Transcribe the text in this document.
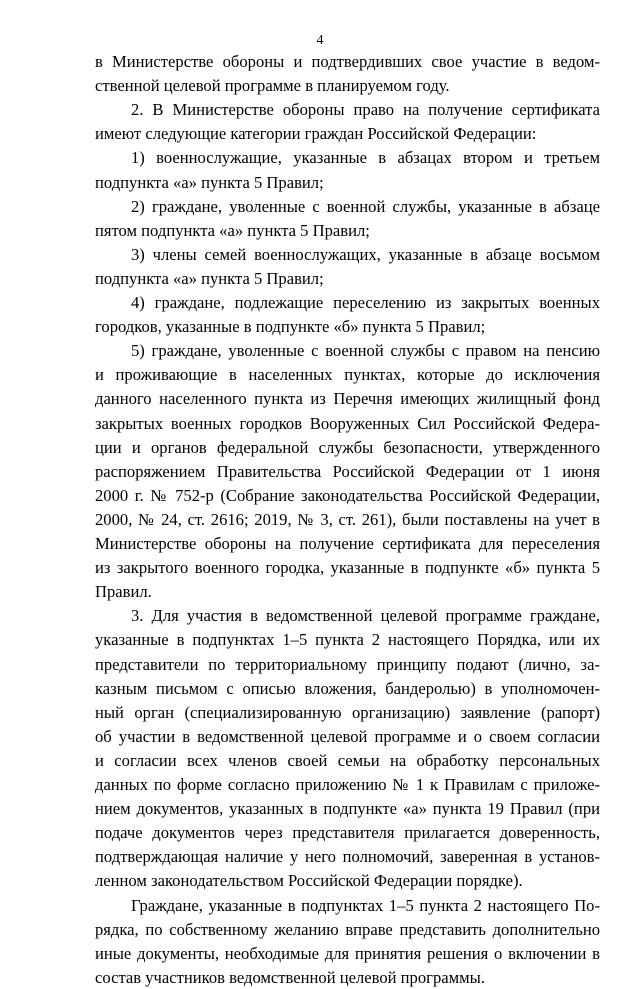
4
в Министерстве обороны и подтвердивших свое участие в ведом-
ственной целевой программе в планируемом году.
2. В Министерстве обороны право на получение сертификата
имеют следующие категории граждан Российской Федерации:
1) военнослужащие, указанные в абзацах втором и третьем
подпункта «а» пункта 5 Правил;
2) граждане, уволенные с военной службы, указанные в абзаце
пятом подпункта «а» пункта 5 Правил;
3) члены семей военнослужащих, указанные в абзаце восьмом
подпункта «а» пункта 5 Правил;
4) граждане, подлежащие переселению из закрытых военных
городков, указанные в подпункте «б» пункта 5 Правил;
5) граждане, уволенные с военной службы с правом на пенсию
и проживающие в населенных пунктах, которые до исключения
данного населенного пункта из Перечня имеющих жилищный фонд
закрытых военных городков Вооруженных Сил Российской Федера-
ции и органов федеральной службы безопасности, утвержденного
распоряжением Правительства Российской Федерации от 1 июня
2000 г. № 752-р (Собрание законодательства Российской Федерации,
2000, № 24, ст. 2616; 2019, № 3, ст. 261), были поставлены на учет в
Министерстве обороны на получение сертификата для переселения
из закрытого военного городка, указанные в подпункте «б» пункта 5
Правил.
3. Для участия в ведомственной целевой программе граждане,
указанные в подпунктах 1–5 пункта 2 настоящего Порядка, или их
представители по территориальному принципу подают (лично, за-
казным письмом с описью вложения, бандеролью) в уполномочен-
ный орган (специализированную организацию) заявление (рапорт)
об участии в ведомственной целевой программе и о своем согласии
и согласии всех членов своей семьи на обработку персональных
данных по форме согласно приложению № 1 к Правилам с приложе-
нием документов, указанных в подпункте «а» пункта 19 Правил (при
подаче документов через представителя прилагается доверенность,
подтверждающая наличие у него полномочий, заверенная в установ-
ленном законодательством Российской Федерации порядке).
Граждане, указанные в подпунктах 1–5 пункта 2 настоящего По-
рядка, по собственному желанию вправе представить дополнительно
иные документы, необходимые для принятия решения о включении в
состав участников ведомственной целевой программы.
